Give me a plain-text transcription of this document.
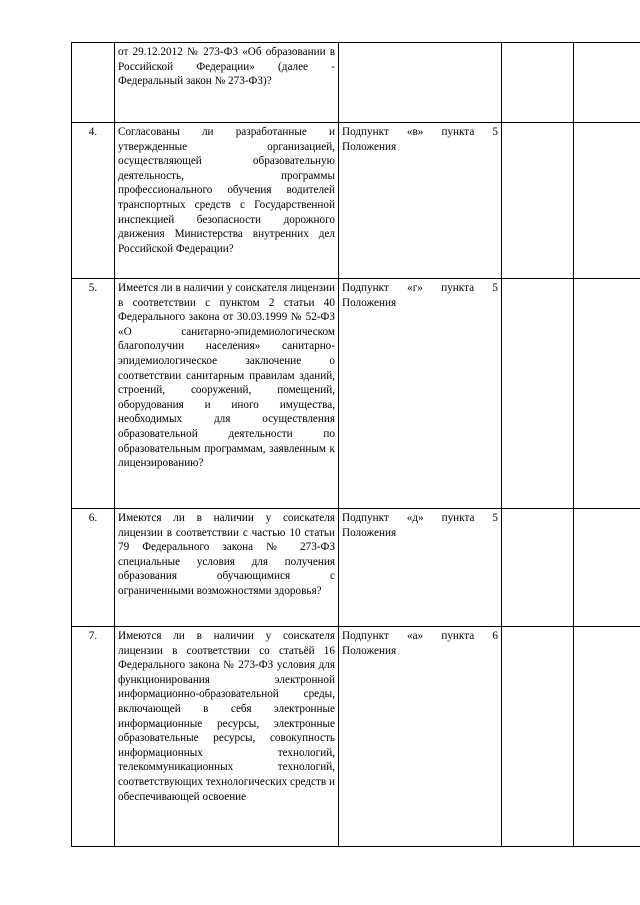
	от 29.12.2012 № 273-ФЗ «Об образовании в Российской Федерации» (далее - Федеральный закон № 273-ФЗ)?			
4.	Согласованы ли разработанные и утвержденные организацией, осуществляющей образовательную деятельность, программы профессионального обучения водителей транспортных средств с Государственной инспекцией безопасности дорожного движения Министерства внутренних дел Российской Федерации?	Подпункт «в» пункта 5 Положения		
5.	Имеется ли в наличии у соискателя лицензии в соответствии с пунктом 2 статьи 40 Федерального закона от 30.03.1999 № 52-ФЗ «О санитарно-эпидемиологическом благополучии населения» санитарно-эпидемиологическое заключение о соответствии санитарным правилам зданий, строений, сооружений, помещений, оборудования и иного имущества, необходимых для осуществления образовательной деятельности по образовательным программам, заявленным к лицензированию?	Подпункт «г» пункта 5 Положения		
6.	Имеются ли в наличии у соискателя лицензии в соответствии с частью 10 статьи 79 Федерального закона № 273-ФЗ специальные условия для получения образования обучающимися с ограниченными возможностями здоровья?	Подпункт «д» пункта 5 Положения		
7.	Имеются ли в наличии у соискателя лицензии в соответствии со статьёй 16 Федерального закона № 273-ФЗ условия для функционирования электронной информационно-образовательной среды, включающей в себя электронные информационные ресурсы, электронные образовательные ресурсы, совокупность информационных технологий, телекоммуникационных технологий, соответствующих технологических средств и обеспечивающей освоение	Подпункт «а» пункта 6 Положения		
